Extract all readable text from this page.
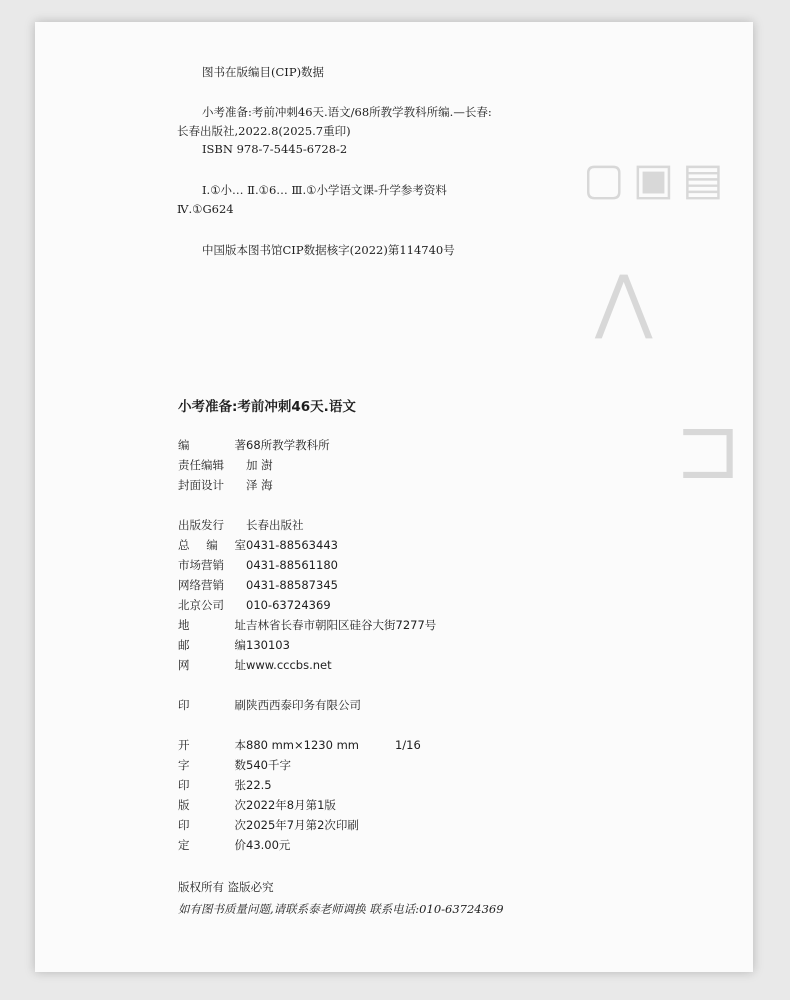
图书在版编目(CIP)数据
小考准备:考前冲刺46天.语文/68所教学教科所编.—长春:
长春出版社,2022.8(2025.7重印)
ISBN 978-7-5445-6728-2
Ⅰ.①小… Ⅱ.①6… Ⅲ.①小学语文课-升学参考资料
Ⅳ.①G624
中国版本图书馆CIP数据核字(2022)第114740号
▢▣▤
⋀
⊐
小考准备:考前冲刺46天.语文
编	著 68所教学教科所
责任编辑 加 澍
封面设计 泽 海
出版发行 长春出版社
总 编 室 0431-88563443
市场营销 0431-88561180
网络营销 0431-88587345
北京公司 010-63724369
地	址 吉林省长春市朝阳区硅谷大街7277号
邮	编 130103
网	址 www.cccbs.net
印	刷 陕西西泰印务有限公司
开	本 880 mm×1230 mm	1/16
字	数 540千字
印	张 22.5
版	次 2022年8月第1版
印	次 2025年7月第2次印刷
定	价 43.00元
版权所有 盗版必究
如有图书质量问题,请联系泰老师调换 联系电话:010-63724369
